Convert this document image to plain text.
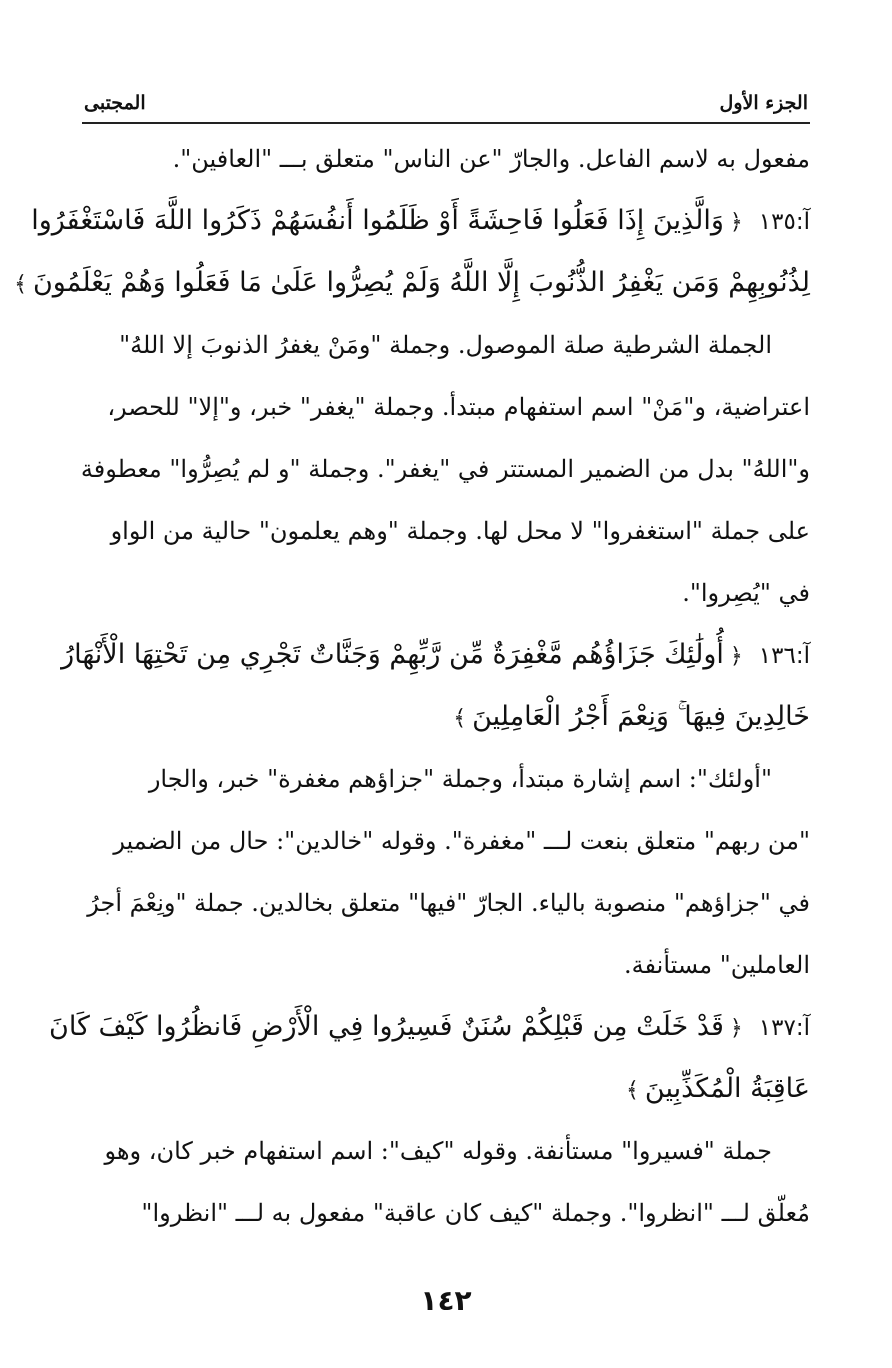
الجزء الأول
المجتبى
مفعول به لاسم الفاعل. والجارّ "عن الناس" متعلق بـــ "العافين".
آ:١٣٥﴿وَالَّذِينَ إِذَا فَعَلُوا فَاحِشَةً أَوْ ظَلَمُوا أَنفُسَهُمْ ذَكَرُوا اللَّهَ فَاسْتَغْفَرُوا
لِذُنُوبِهِمْ وَمَن يَغْفِرُ الذُّنُوبَ إِلَّا اللَّهُ وَلَمْ يُصِرُّوا عَلَىٰ مَا فَعَلُوا وَهُمْ يَعْلَمُونَ﴾
الجملة الشرطية صلة الموصول. وجملة "ومَنْ يغفرُ الذنوبَ إلا اللهُ"
اعتراضية، و"مَنْ" اسم استفهام مبتدأ. وجملة "يغفر" خبر، و"إلا" للحصر،
و"اللهُ" بدل من الضمير المستتر في "يغفر". وجملة "و لم يُصِرُّوا" معطوفة
على جملة "استغفروا" لا محل لها. وجملة "وهم يعلمون" حالية من الواو
في "يُصِروا".
آ:١٣٦﴿أُولَٰئِكَ جَزَاؤُهُم مَّغْفِرَةٌ مِّن رَّبِّهِمْ وَجَنَّاتٌ تَجْرِي مِن تَحْتِهَا الْأَنْهَارُ
خَالِدِينَ فِيهَا ۚ وَنِعْمَ أَجْرُ الْعَامِلِينَ﴾
"أولئك": اسم إشارة مبتدأ، وجملة "جزاؤهم مغفرة" خبر، والجار
"من ربهم" متعلق بنعت لـــ "مغفرة". وقوله "خالدين": حال من الضمير
في "جزاؤهم" منصوبة بالياء. الجارّ "فيها" متعلق بخالدين. جملة "ونِعْمَ أجرُ
العاملين" مستأنفة.
آ:١٣٧﴿قَدْ خَلَتْ مِن قَبْلِكُمْ سُنَنٌ فَسِيرُوا فِي الْأَرْضِ فَانظُرُوا كَيْفَ كَانَ
عَاقِبَةُ الْمُكَذِّبِينَ﴾
جملة "فسيروا" مستأنفة. وقوله "كيف": اسم استفهام خبر كان، وهو
مُعلّق لـــ "انظروا". وجملة "كيف كان عاقبة" مفعول به لـــ "انظروا"
١٤٢
